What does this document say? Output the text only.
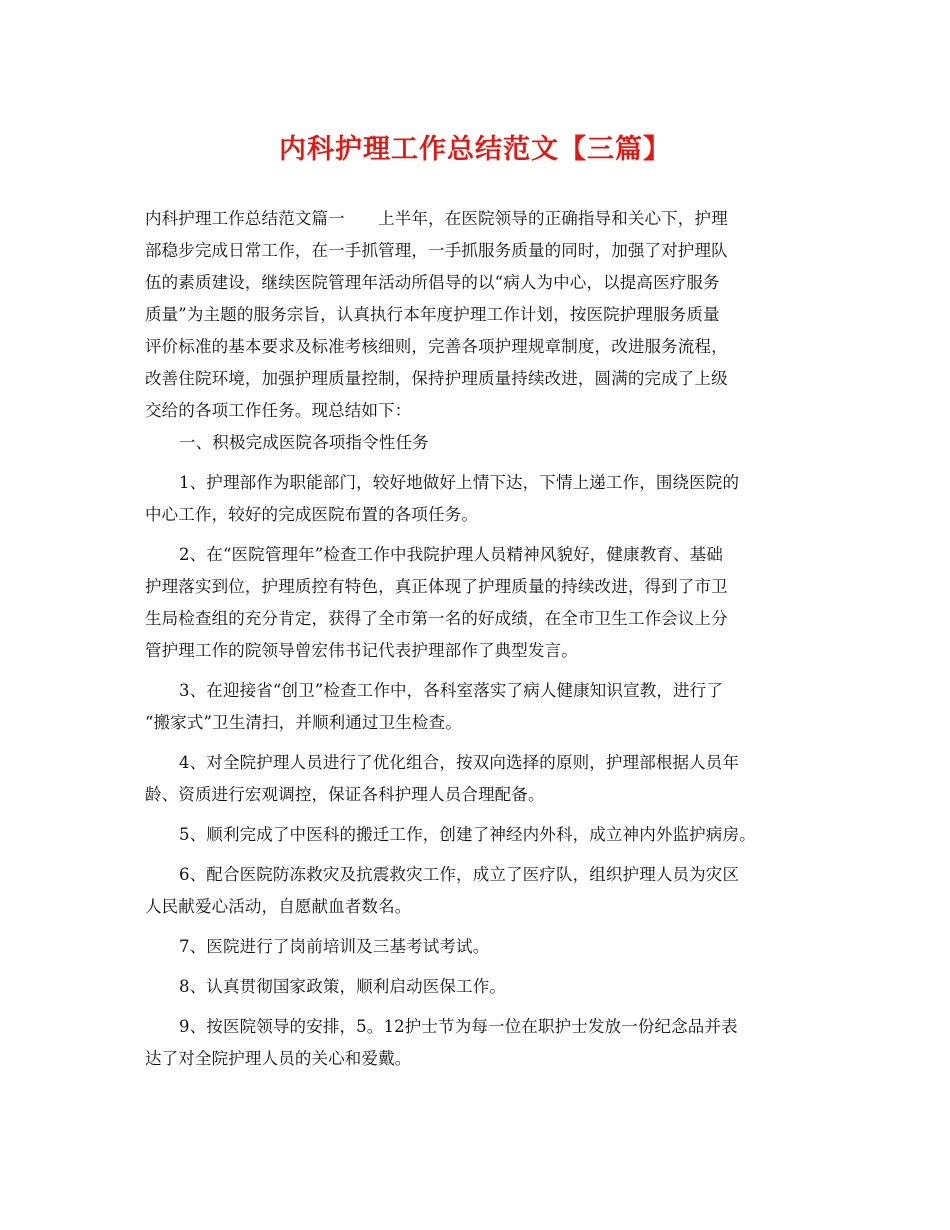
内科护理工作总结范文【三篇】
内科护理工作总结范文篇一　　上半年，在医院领导的正确指导和关心下，护理
部稳步完成日常工作，在一手抓管理，一手抓服务质量的同时，加强了对护理队
伍的素质建设，继续医院管理年活动所倡导的以“病人为中心，以提高医疗服务
质量”为主题的服务宗旨，认真执行本年度护理工作计划，按医院护理服务质量
评价标准的基本要求及标准考核细则，完善各项护理规章制度，改进服务流程，
改善住院环境，加强护理质量控制，保持护理质量持续改进，圆满的完成了上级
交给的各项工作任务。现总结如下：
一、积极完成医院各项指令性任务
1、护理部作为职能部门，较好地做好上情下达，下情上递工作，围绕医院的
中心工作，较好的完成医院布置的各项任务。
2、在“医院管理年”检查工作中我院护理人员精神风貌好，健康教育、基础
护理落实到位，护理质控有特色，真正体现了护理质量的持续改进，得到了市卫
生局检查组的充分肯定，获得了全市第一名的好成绩，在全市卫生工作会议上分
管护理工作的院领导曾宏伟书记代表护理部作了典型发言。
3、在迎接省“创卫”检查工作中，各科室落实了病人健康知识宣教，进行了
“搬家式”卫生清扫，并顺利通过卫生检查。
4、对全院护理人员进行了优化组合，按双向选择的原则，护理部根据人员年
龄、资质进行宏观调控，保证各科护理人员合理配备。
5、顺利完成了中医科的搬迁工作，创建了神经内外科，成立神内外监护病房。
6、配合医院防冻救灾及抗震救灾工作，成立了医疗队，组织护理人员为灾区
人民献爱心活动，自愿献血者数名。
7、医院进行了岗前培训及三基考试考试。
8、认真贯彻国家政策，顺利启动医保工作。
9、按医院领导的安排，5。12护士节为每一位在职护士发放一份纪念品并表
达了对全院护理人员的关心和爱戴。
